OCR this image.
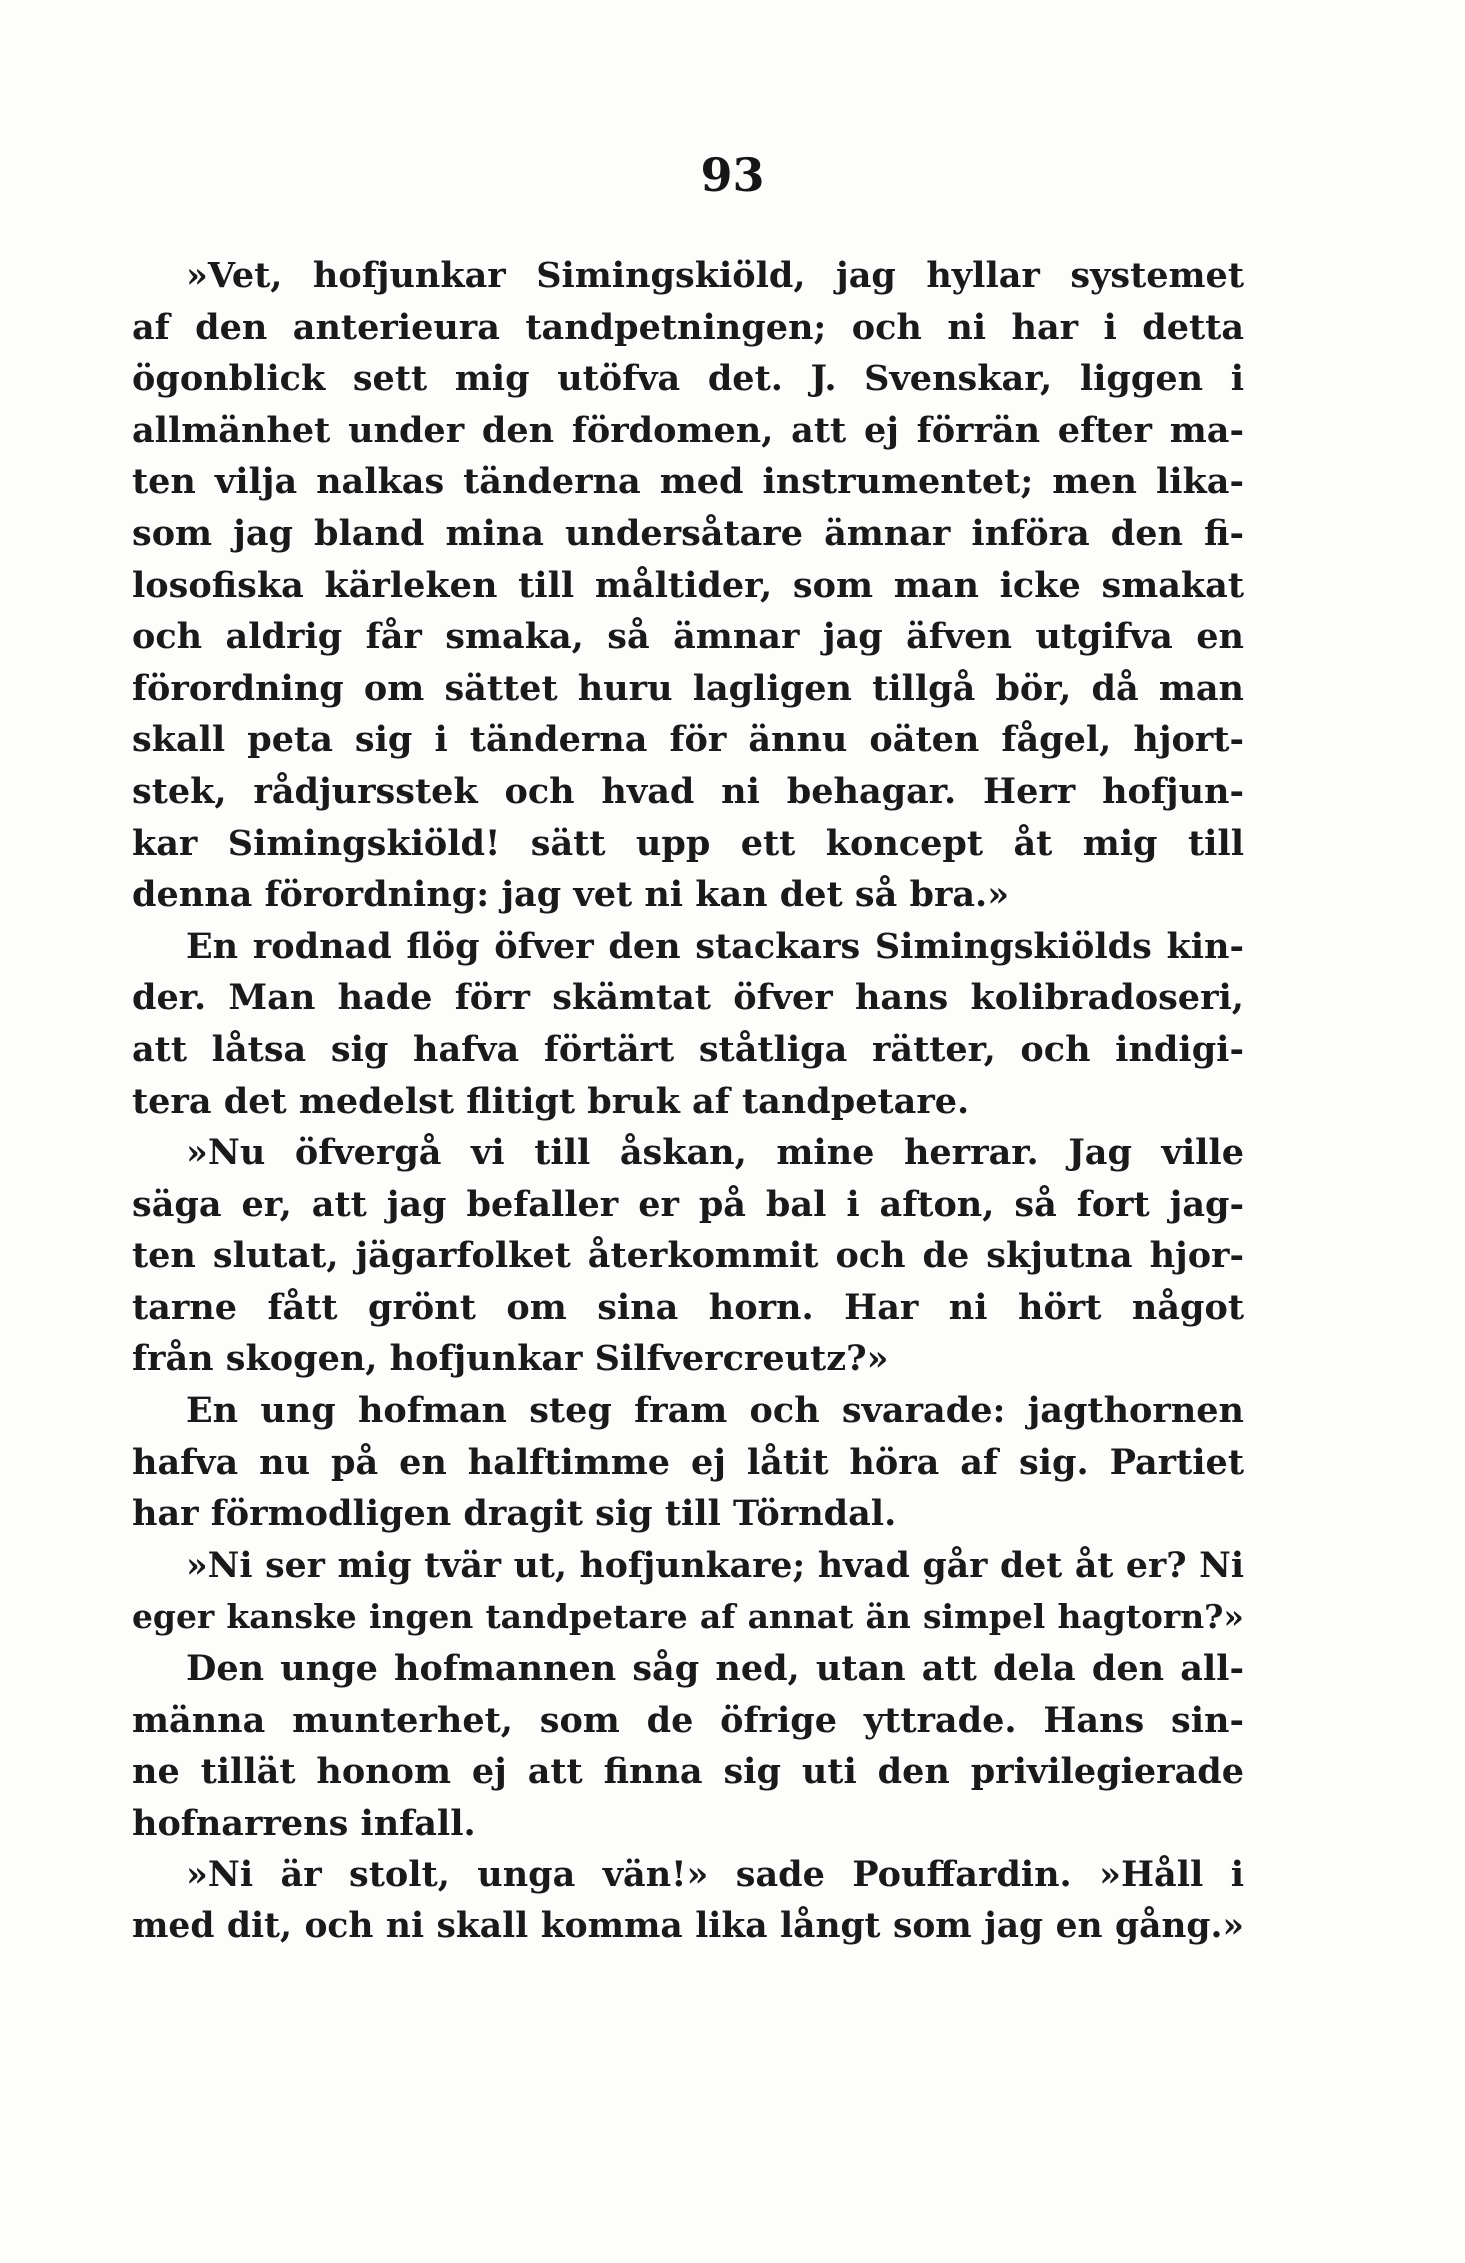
93
»Vet, hofjunkar Simingskiöld, jag hyllar systemet
af den anterieura tandpetningen; och ni har i detta
ögonblick sett mig utöfva det. J. Svenskar, liggen i
allmänhet under den fördomen, att ej förrän efter ma-
ten vilja nalkas tänderna med instrumentet; men lika-
som jag bland mina undersåtare ämnar införa den fi-
losofiska kärleken till måltider, som man icke smakat
och aldrig får smaka, så ämnar jag äfven utgifva en
förordning om sättet huru lagligen tillgå bör, då man
skall peta sig i tänderna för ännu oäten fågel, hjort-
stek, rådjursstek och hvad ni behagar. Herr hofjun-
kar Simingskiöld! sätt upp ett koncept åt mig till
denna förordning: jag vet ni kan det så bra.»
En rodnad flög öfver den stackars Simingskiölds kin-
der. Man hade förr skämtat öfver hans kolibradoseri,
att låtsa sig hafva förtärt ståtliga rätter, och indigi-
tera det medelst flitigt bruk af tandpetare.
»Nu öfvergå vi till åskan, mine herrar. Jag ville
säga er, att jag befaller er på bal i afton, så fort jag-
ten slutat, jägarfolket återkommit och de skjutna hjor-
tarne fått grönt om sina horn. Har ni hört något
från skogen, hofjunkar Silfvercreutz?»
En ung hofman steg fram och svarade: jagthornen
hafva nu på en halftimme ej låtit höra af sig. Partiet
har förmodligen dragit sig till Törndal.
»Ni ser mig tvär ut, hofjunkare; hvad går det åt er? Ni
eger kanske ingen tandpetare af annat än simpel hagtorn?»
Den unge hofmannen såg ned, utan att dela den all-
männa munterhet, som de öfrige yttrade. Hans sin-
ne tillät honom ej att finna sig uti den privilegierade
hofnarrens infall.
»Ni är stolt, unga vän!» sade Pouffardin. »Håll i
med dit, och ni skall komma lika långt som jag en gång.»
